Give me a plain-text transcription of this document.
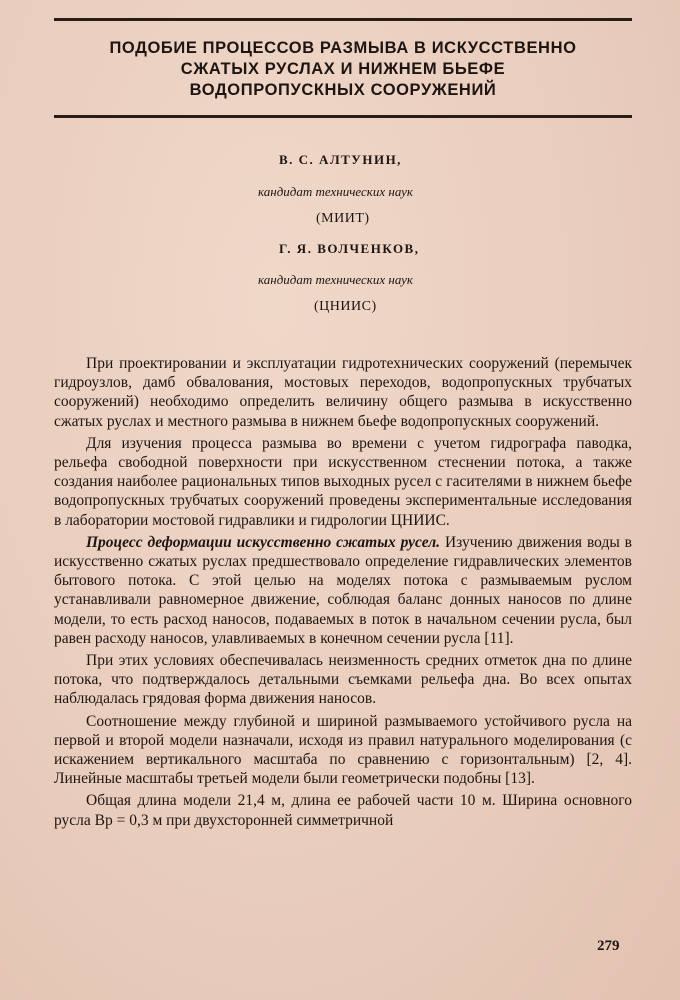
ПОДОБИЕ ПРОЦЕССОВ РАЗМЫВА В ИСКУССТВЕННО
СЖАТЫХ РУСЛАХ И НИЖНЕМ БЬЕФЕ
ВОДОПРОПУСКНЫХ СООРУЖЕНИЙ
В. С. АЛТУНИН,
кандидат технических наук
(МИИТ)
Г. Я. ВОЛЧЕНКОВ,
кандидат технических наук
(ЦНИИС)

При проектировании и эксплуатации гидротехнических сооружений (перемычек гидроузлов, дамб обвалования, мостовых переходов, водопропускных трубчатых сооружений) необходимо определить величину общего размыва в искусственно сжатых руслах и местного размыва в нижнем бьефе водопропускных сооружений.

Для изучения процесса размыва во времени с учетом гидрографа паводка, рельефа свободной поверхности при искусственном стеснении потока, а также создания наиболее рациональных типов выходных русел с гасителями в нижнем бьефе водопропускных трубчатых сооружений проведены экспериментальные исследования в лаборатории мостовой гидравлики и гидрологии ЦНИИС.

Процесс деформации искусственно сжатых русел. Изучению движения воды в искусственно сжатых руслах предшествовало определение гидравлических элементов бытового потока. С этой целью на моделях потока с размываемым руслом устанавливали равномерное движение, соблюдая баланс донных наносов по длине модели, то есть расход наносов, подаваемых в поток в начальном сечении русла, был равен расходу наносов, улавливаемых в конечном сечении русла [11].

При этих условиях обеспечивалась неизменность средних отметок дна по длине потока, что подтверждалось детальными съемками рельефа дна. Во всех опытах наблюдалась грядовая форма движения наносов.

Соотношение между глубиной и шириной размываемого устойчивого русла на первой и второй модели назначали, исходя из правил натурального моделирования (с искажением вертикального масштаба по сравнению с горизонтальным) [2, 4]. Линейные масштабы третьей модели были геометрически подобны [13].

Общая длина модели 21,4 м, длина ее рабочей части 10 м. Ширина основного русла Bр = 0,3 м при двухсторонней симметричной

279
